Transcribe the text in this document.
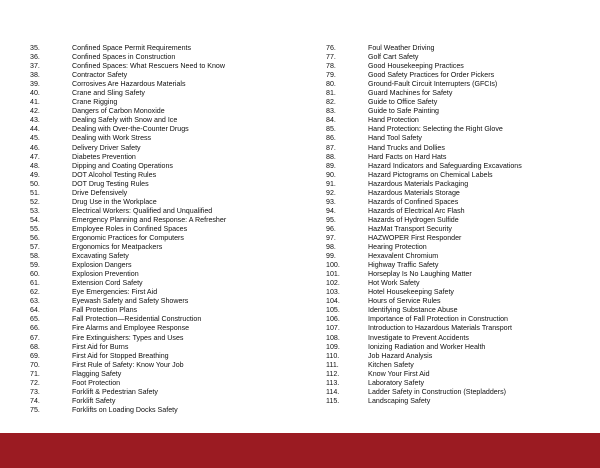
35.	Confined Space Permit Requirements
36.	Confined Spaces in Construction
37.	Confined Spaces: What Rescuers Need to Know
38.	Contractor Safety
39.	Corrosives Are Hazardous Materials
40.	Crane and Sling Safety
41.	Crane Rigging
42.	Dangers of Carbon Monoxide
43.	Dealing Safely with Snow and Ice
44.	Dealing with Over-the-Counter Drugs
45.	Dealing with Work Stress
46.	Delivery Driver Safety
47.	Diabetes Prevention
48.	Dipping and Coating Operations
49.	DOT Alcohol Testing Rules
50.	DOT Drug Testing Rules
51.	Drive Defensively
52.	Drug Use in the Workplace
53.	Electrical Workers: Qualified and Unqualified
54.	Emergency Planning and Response: A Refresher
55.	Employee Roles in Confined Spaces
56.	Ergonomic Practices for Computers
57.	Ergonomics for Meatpackers
58.	Excavating Safety
59.	Explosion Dangers
60.	Explosion Prevention
61.	Extension Cord Safety
62.	Eye Emergencies: First Aid
63.	Eyewash Safety and Safety Showers
64.	Fall Protection Plans
65.	Fall Protection—Residential Construction
66.	Fire Alarms and Employee Response
67.	Fire Extinguishers: Types and Uses
68.	First Aid for Burns
69.	First Aid for Stopped Breathing
70.	First Rule of Safety: Know Your Job
71.	Flagging Safety
72.	Foot Protection
73.	Forklift & Pedestrian Safety
74.	Forklift Safety
75.	Forklifts on Loading Docks Safety
76.	Foul Weather Driving
77.	Golf Cart Safety
78.	Good Housekeeping Practices
79.	Good Safety Practices for Order Pickers
80.	Ground-Fault Circuit Interrupters (GFCIs)
81.	Guard Machines for Safety
82.	Guide to Office Safety
83.	Guide to Safe Painting
84.	Hand Protection
85.	Hand Protection: Selecting the Right Glove
86.	Hand Tool Safety
87.	Hand Trucks and Dollies
88.	Hard Facts on Hard Hats
89.	Hazard Indicators and Safeguarding Excavations
90.	Hazard Pictograms on Chemical Labels
91.	Hazardous Materials Packaging
92.	Hazardous Materials Storage
93.	Hazards of Confined Spaces
94.	Hazards of Electrical Arc Flash
95.	Hazards of Hydrogen Sulfide
96.	HazMat Transport Security
97.	HAZWOPER First Responder
98.	Hearing Protection
99.	Hexavalent Chromium
100.	Highway Traffic Safety
101.	Horseplay Is No Laughing Matter
102.	Hot Work Safety
103.	Hotel Housekeeping Safety
104.	Hours of Service Rules
105.	Identifying Substance Abuse
106.	Importance of Fall Protection in Construction
107.	Introduction to Hazardous Materials Transport
108.	Investigate to Prevent Accidents
109.	Ionizing Radiation and Worker Health
110.	Job Hazard Analysis
111.	Kitchen Safety
112.	Know Your First Aid
113.	Laboratory Safety
114.	Ladder Safety in Construction (Stepladders)
115.	Landscaping Safety
